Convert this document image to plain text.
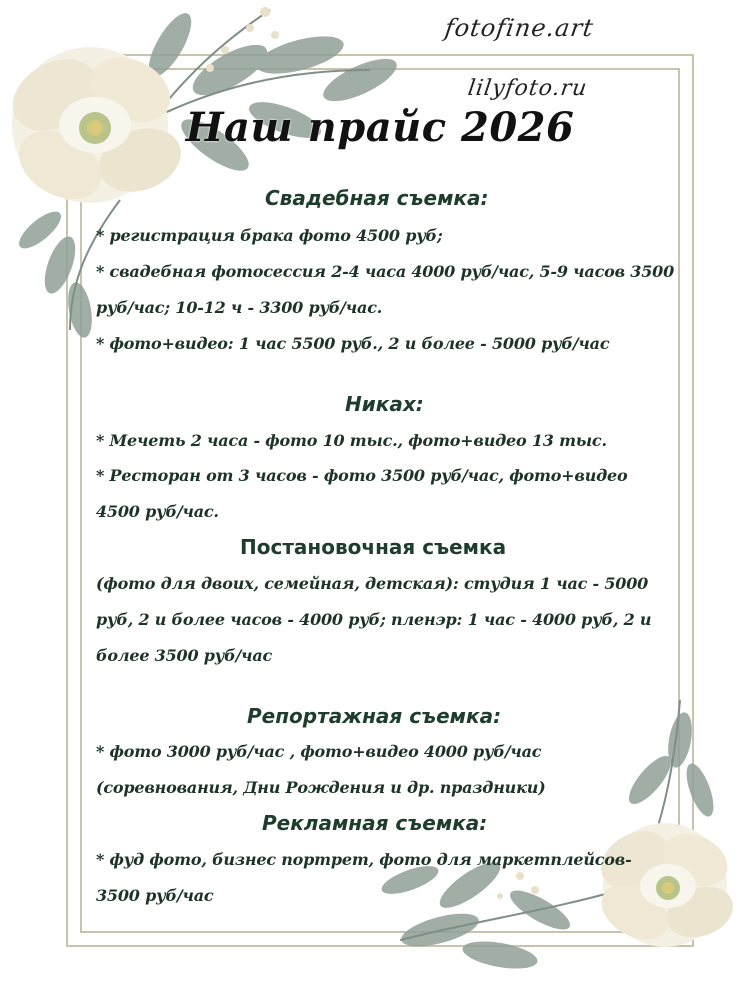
fotofine.art
lilyfoto.ru
Наш прайс 2026
Свадебная съемка:
* регистрация брака фото 4500 руб;
* свадебная фотосессия 2-4 часа 4000 руб/час, 5-9 часов 3500
руб/час; 10-12 ч - 3300 руб/час.
* фото+видео: 1 час 5500 руб., 2 и более - 5000 руб/час
Никах:
* Мечеть 2 часа - фото 10 тыс., фото+видео 13 тыс.
* Ресторан от 3 часов - фото 3500 руб/час, фото+видео
4500 руб/час.
Постановочная съемка
(фото для двоих, семейная, детская): студия 1 час - 5000
руб, 2 и более часов - 4000 руб; пленэр: 1 час - 4000 руб, 2 и
более 3500 руб/час
Репортажная съемка:
* фото 3000 руб/час , фото+видео 4000 руб/час
(соревнования, Дни Рождения и др. праздники)
Рекламная съемка:
* фуд фото, бизнес портрет, фото для маркетплейсов-
3500 руб/час
